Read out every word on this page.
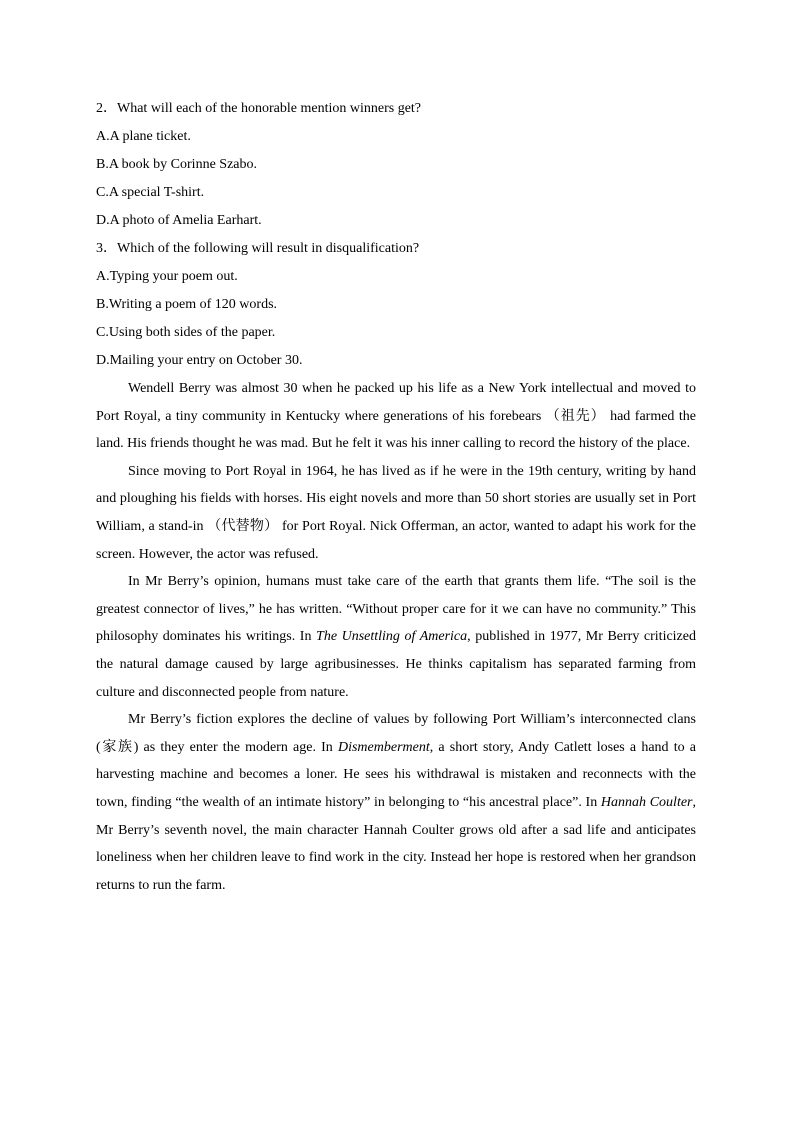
2．What will each of the honorable mention winners get?

A.A plane ticket.

B.A book by Corinne Szabo.

C.A special T-shirt.

D.A photo of Amelia Earhart.

3．Which of the following will result in disqualification?

A.Typing your poem out.

B.Writing a poem of 120 words.

C.Using both sides of the paper.

D.Mailing your entry on October 30.

Wendell Berry was almost 30 when he packed up his life as a New York intellectual and moved to Port Royal, a tiny community in Kentucky where generations of his forebears （祖先） had farmed the land. His friends thought he was mad. But he felt it was his inner calling to record the history of the place.

Since moving to Port Royal in 1964, he has lived as if he were in the 19th century, writing by hand and ploughing his fields with horses. His eight novels and more than 50 short stories are usually set in Port William, a stand-in （代替物） for Port Royal. Nick Offerman, an actor, wanted to adapt his work for the screen. However, the actor was refused.

In Mr Berry’s opinion, humans must take care of the earth that grants them life. “The soil is the greatest connector of lives,” he has written. “Without proper care for it we can have no community.” This philosophy dominates his writings. In The Unsettling of America, published in 1977, Mr Berry criticized the natural damage caused by large agribusinesses. He thinks capitalism has separated farming from culture and disconnected people from nature.

Mr Berry’s fiction explores the decline of values by following Port William’s interconnected clans (家族) as they enter the modern age. In Dismemberment, a short story, Andy Catlett loses a hand to a harvesting machine and becomes a loner. He sees his withdrawal is mistaken and reconnects with the town, finding “the wealth of an intimate history” in belonging to “his ancestral place”. In Hannah Coulter, Mr Berry’s seventh novel, the main character Hannah Coulter grows old after a sad life and anticipates loneliness when her children leave to find work in the city. Instead her hope is restored when her grandson returns to run the farm.
